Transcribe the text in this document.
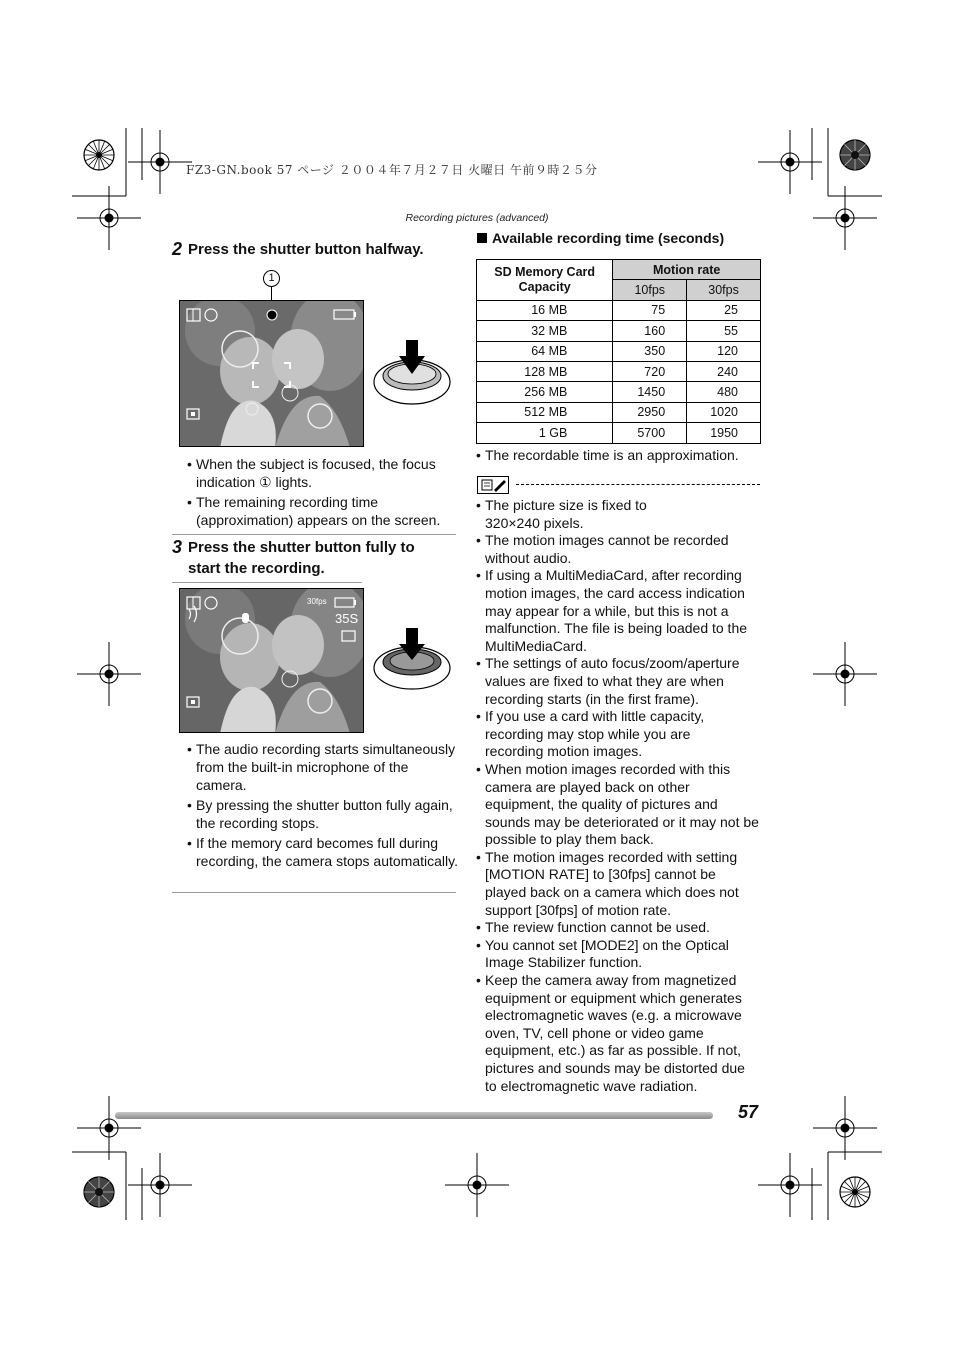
FZ3-GN.book 57 ページ ２００４年７月２７日 火曜日 午前９時２５分
Recording pictures (advanced)
2 Press the shutter button halfway.
1
• When the subject is focused, the focus indication ① lights.
• The remaining recording time (approximation) appears on the screen.
3 Press the shutter button fully to start the recording.
30fps
35S
• The audio recording starts simultaneously from the built-in microphone of the camera.
• By pressing the shutter button fully again, the recording stops.
• If the memory card becomes full during recording, the camera stops automatically.
Available recording time (seconds)
SD Memory Card Capacity	Motion rate	
	10fps	30fps
16 MB	75	25
32 MB	160	55
64 MB	350	120
128 MB	720	240
256 MB	1450	480
512 MB	2950	1020
1 GB	5700	1950
• The recordable time is an approximation.
• The picture size is fixed to 320×240 pixels.
• The motion images cannot be recorded without audio.
• If using a MultiMediaCard, after recording motion images, the card access indication may appear for a while, but this is not a malfunction. The file is being loaded to the MultiMediaCard.
• The settings of auto focus/zoom/aperture values are fixed to what they are when recording starts (in the first frame).
• If you use a card with little capacity, recording may stop while you are recording motion images.
• When motion images recorded with this camera are played back on other equipment, the quality of pictures and sounds may be deteriorated or it may not be possible to play them back.
• The motion images recorded with setting [MOTION RATE] to [30fps] cannot be played back on a camera which does not support [30fps] of motion rate.
• The review function cannot be used.
• You cannot set [MODE2] on the Optical Image Stabilizer function.
• Keep the camera away from magnetized equipment or equipment which generates electromagnetic waves (e.g. a microwave oven, TV, cell phone or video game equipment, etc.) as far as possible. If not, pictures and sounds may be distorted due to electromagnetic wave radiation.
57
